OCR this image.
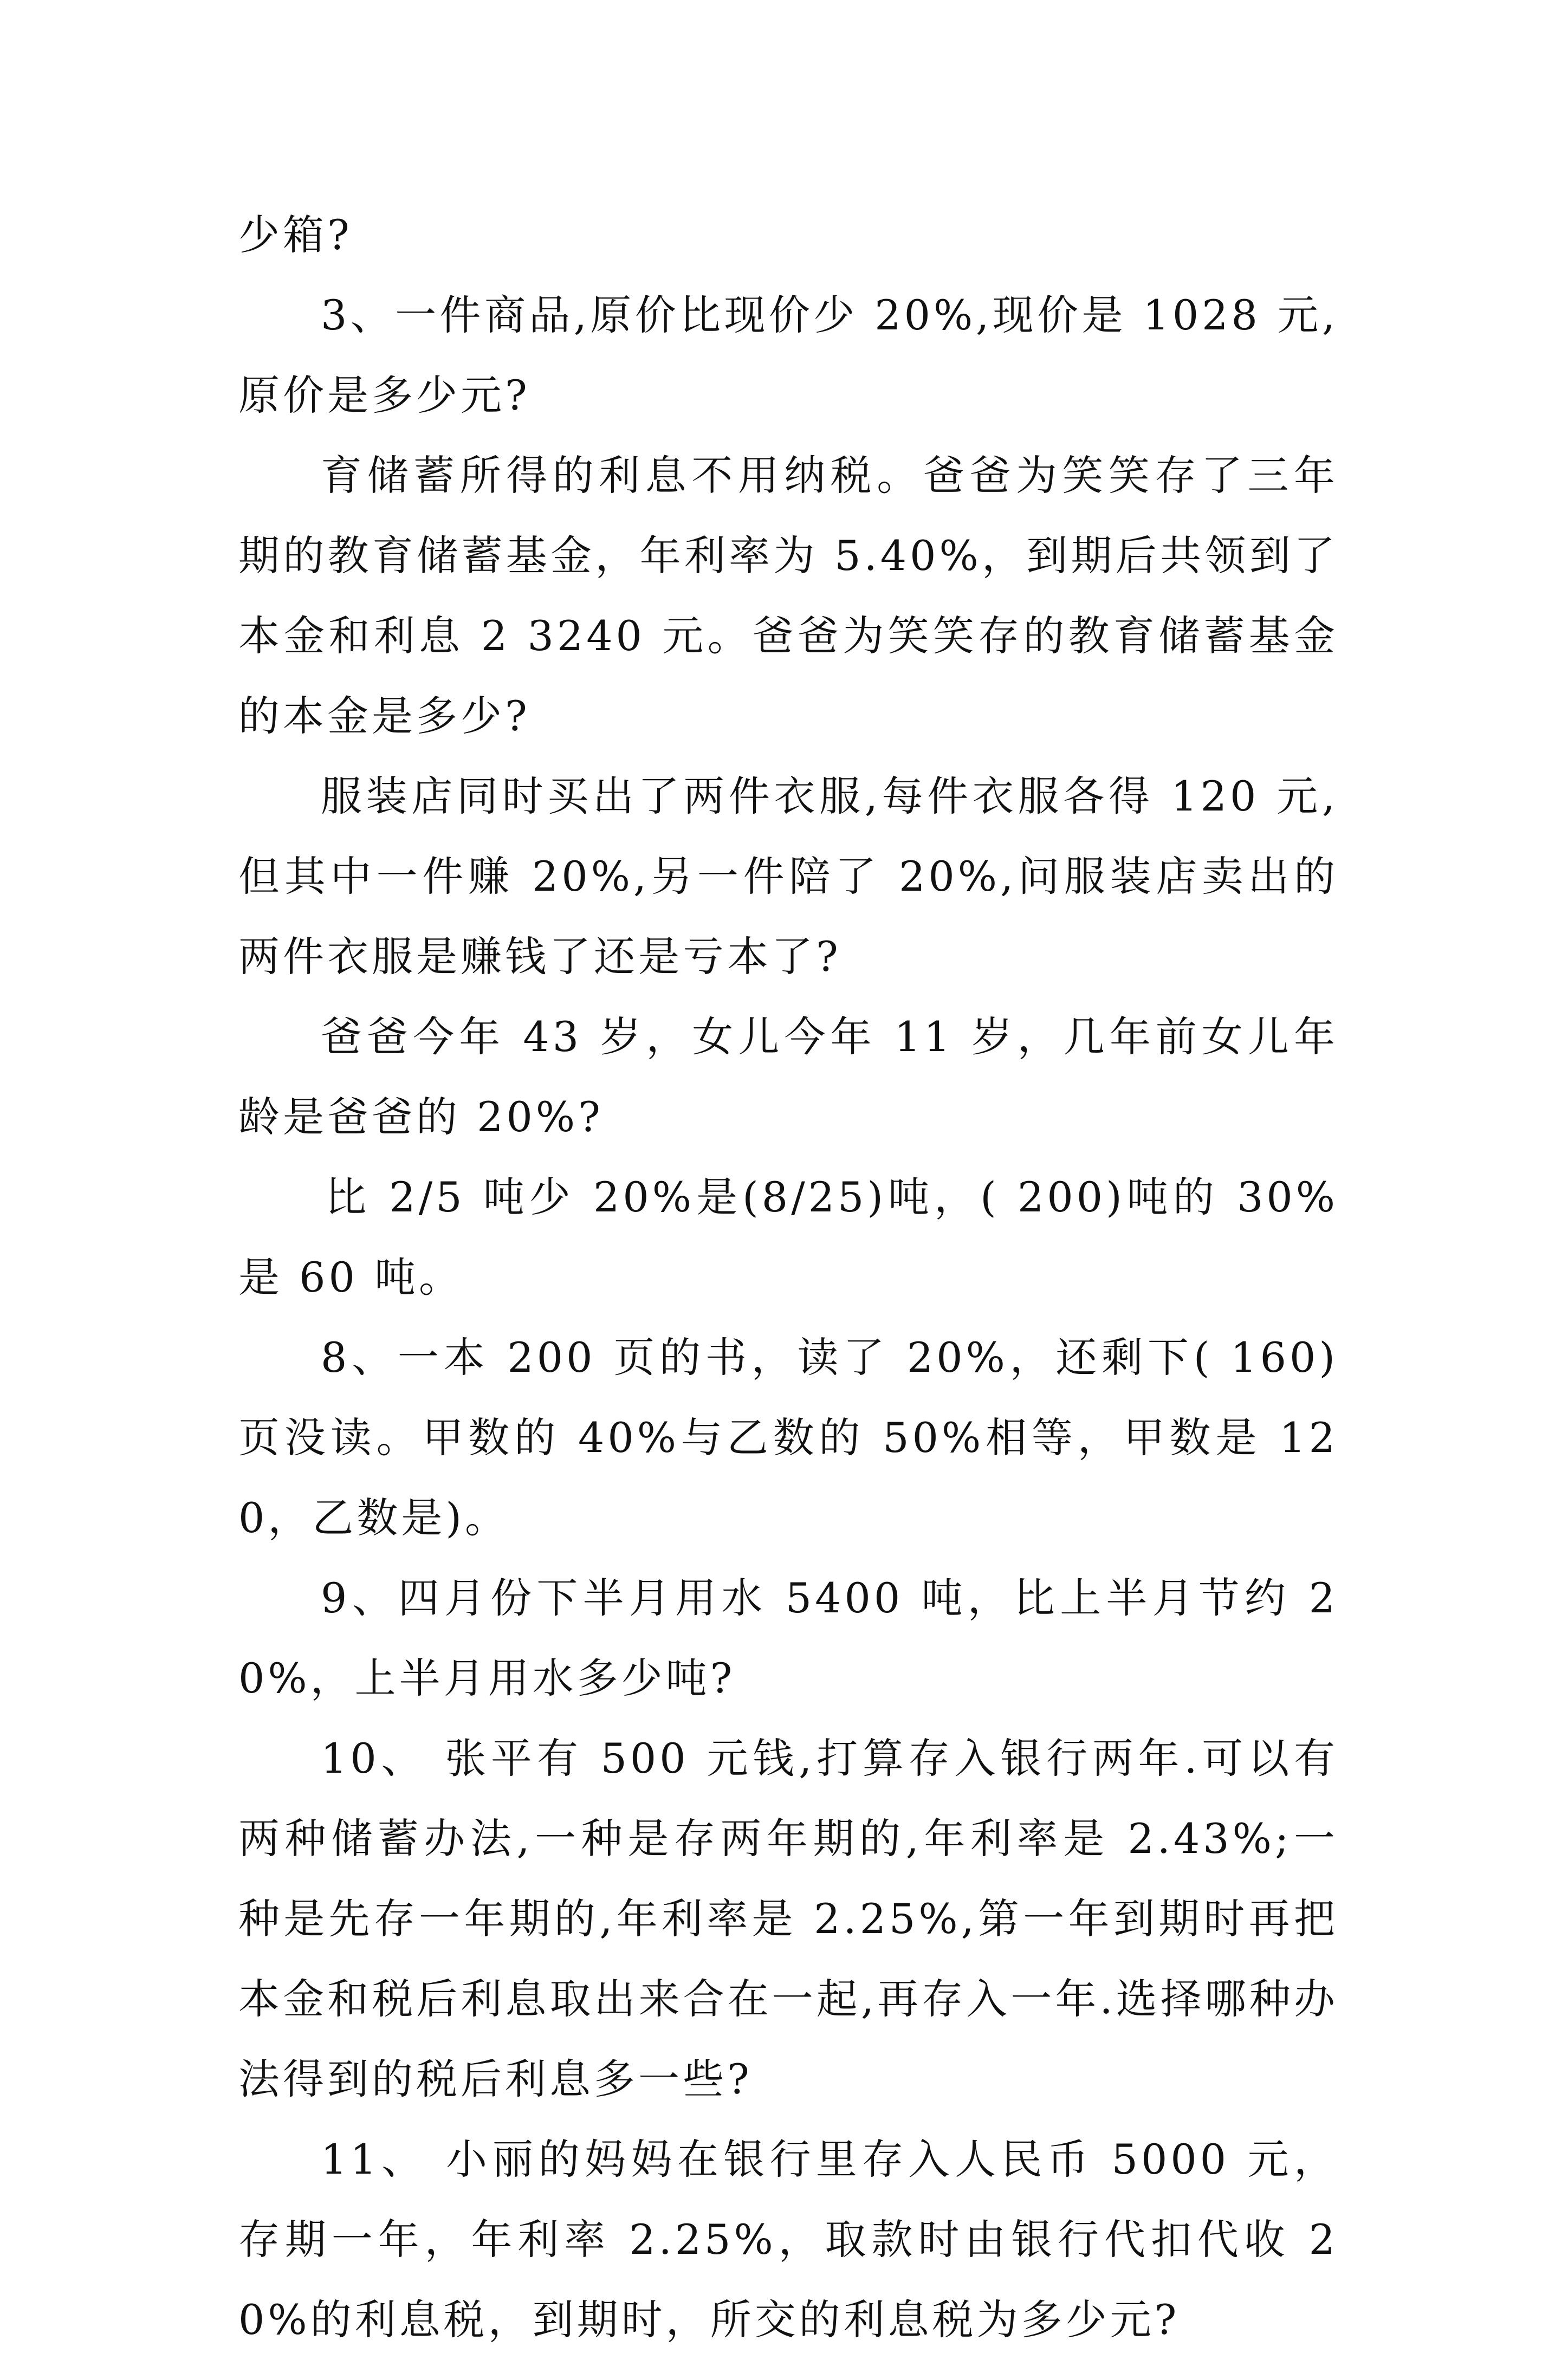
少箱?

3、一件商品,原价比现价少 20%,现价是 1028 元,原价是多少元?

育储蓄所得的利息不用纳税。爸爸为笑笑存了三年期的教育储蓄基金，年利率为 5.40%，到期后共领到了本金和利息 2 3240 元。爸爸为笑笑存的教育储蓄基金的本金是多少?

服装店同时买出了两件衣服,每件衣服各得 120 元,但其中一件赚 20%,另一件陪了 20%,问服装店卖出的两件衣服是赚钱了还是亏本了?

爸爸今年 43 岁，女儿今年 11 岁，几年前女儿年龄是爸爸的 20%?

比 2/5 吨少 20%是(8/25)吨，( 200)吨的 30%是 60 吨。

8、一本 200 页的书，读了 20%，还剩下( 160)页没读。甲数的 40%与乙数的 50%相等，甲数是 120，乙数是)。

9、四月份下半月用水 5400 吨，比上半月节约 20%，上半月用水多少吨?

10、 张平有 500 元钱,打算存入银行两年.可以有两种储蓄办法,一种是存两年期的,年利率是 2.43%;一种是先存一年期的,年利率是 2.25%,第一年到期时再把本金和税后利息取出来合在一起,再存入一年.选择哪种办法得到的税后利息多一些?

11、 小丽的妈妈在银行里存入人民币 5000 元，存期一年，年利率 2.25%，取款时由银行代扣代收 20%的利息税，到期时，所交的利息税为多少元?
